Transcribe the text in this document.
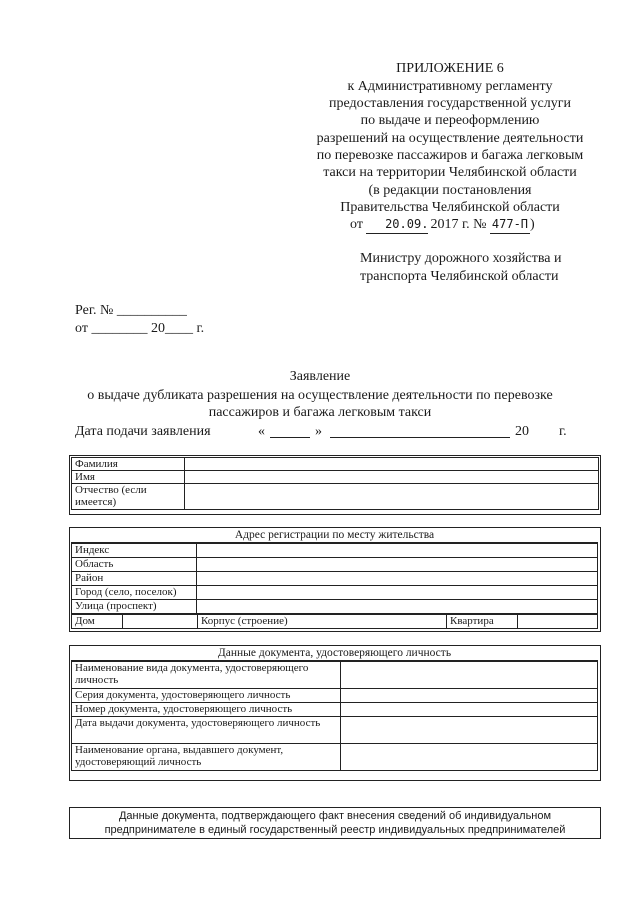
ПРИЛОЖЕНИЕ 6
к Административному регламенту
предоставления государственной услуги
по выдаче и переоформлению
разрешений на осуществление деятельности
по перевозке пассажиров и багажа легковым
такси на территории Челябинской области
(в редакции постановления
Правительства Челябинской области
от 20.09. 2017 г. № 477-П )
Министру дорожного хозяйства и
транспорта Челябинской области
Рег. № __________
от ________ 20____ г.
Заявление
о выдаче дубликата разрешения на осуществление деятельности по перевозке
пассажиров и багажа легковым такси
Дата подачи заявления	«	»	20 г.
Фамилия	
Имя	
Отчество (если имеется)	
Адрес регистрации по месту жительства
Индекс	
Область	
Район	
Город (село, поселок)	
Улица (проспект)	
Дом		Корпус (строение)	Квартира	
Данные документа, удостоверяющего личность
Наименование вида документа, удостоверяющего личность	
Серия документа, удостоверяющего личность	
Номер документа, удостоверяющего личность	
Дата выдачи документа, удостоверяющего личность	
Наименование органа, выдавшего документ, удостоверяющий личность	
Данные документа, подтверждающего факт внесения сведений об индивидуальном
предпринимателе в единый государственный реестр индивидуальных предпринимателей
